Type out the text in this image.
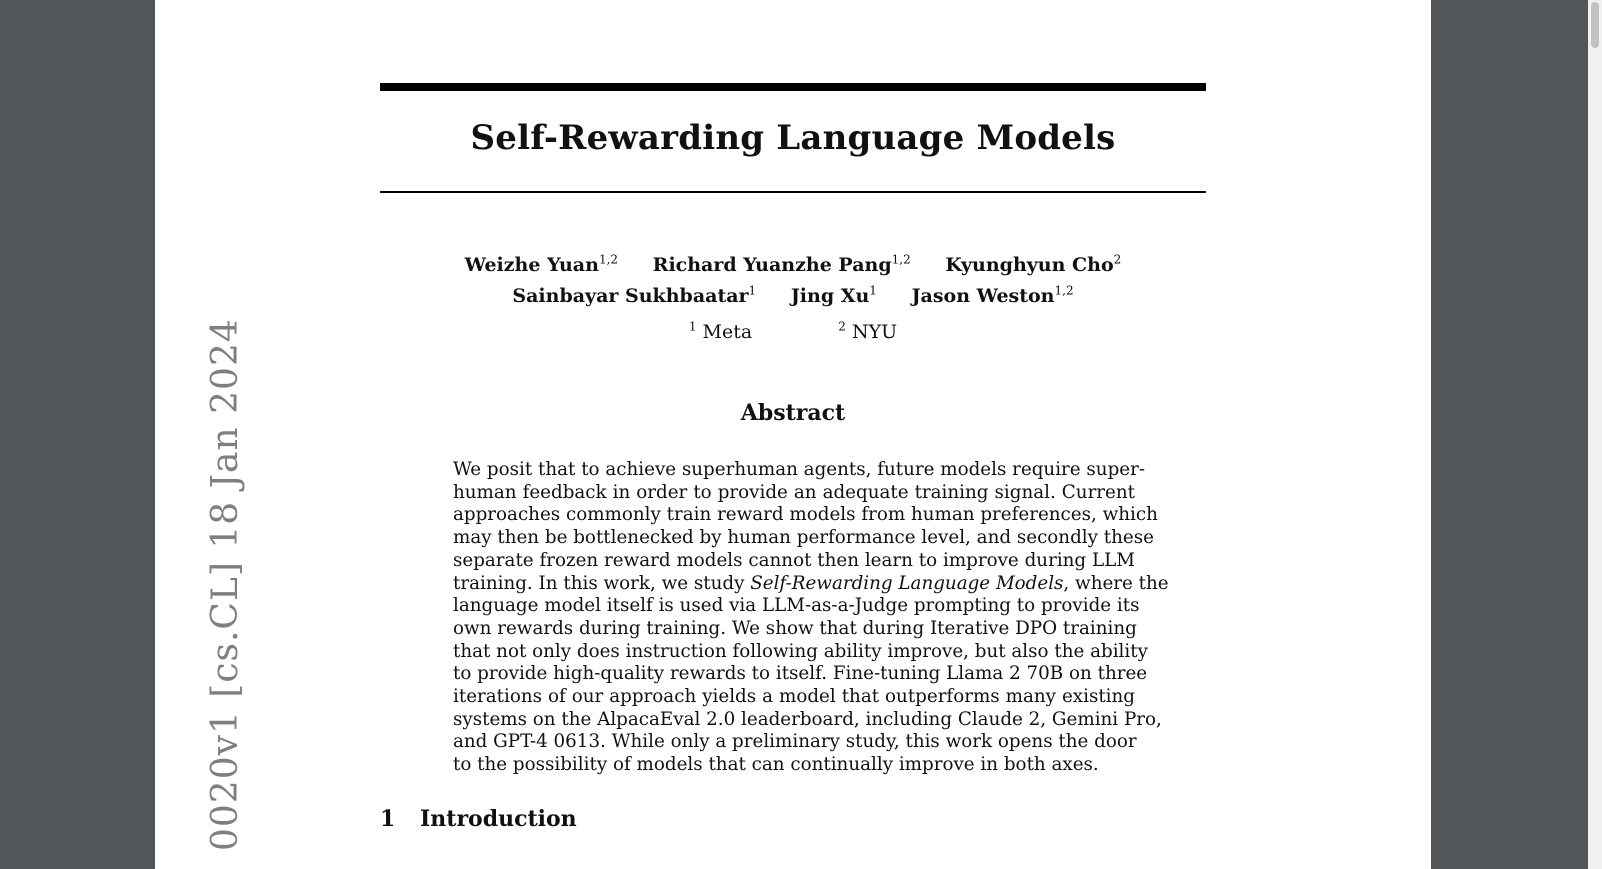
Self-Rewarding Language Models
Weizhe Yuan$^{1,2}$ Richard Yuanzhe Pang$^{1,2}$ Kyunghyun Cho$^2$
Sainbayar Sukhbaatar$^1$ Jing Xu$^1$ Jason Weston$^{1,2}$
$^1$ Meta	$^2$ NYU
Abstract
We posit that to achieve superhuman agents, future models require super-
human feedback in order to provide an adequate training signal. Current
approaches commonly train reward models from human preferences, which
may then be bottlenecked by human performance level, and secondly these
separate frozen reward models cannot then learn to improve during LLM
training. In this work, we study Self-Rewarding Language Models, where the
language model itself is used via LLM-as-a-Judge prompting to provide its
own rewards during training. We show that during Iterative DPO training
that not only does instruction following ability improve, but also the ability
to provide high-quality rewards to itself. Fine-tuning Llama 2 70B on three
iterations of our approach yields a model that outperforms many existing
systems on the AlpacaEval 2.0 leaderboard, including Claude 2, Gemini Pro,
and GPT-4 0613. While only a preliminary study, this work opens the door
to the possibility of models that can continually improve in both axes.
1 Introduction
0020v1 [cs.CL] 18 Jan 2024
